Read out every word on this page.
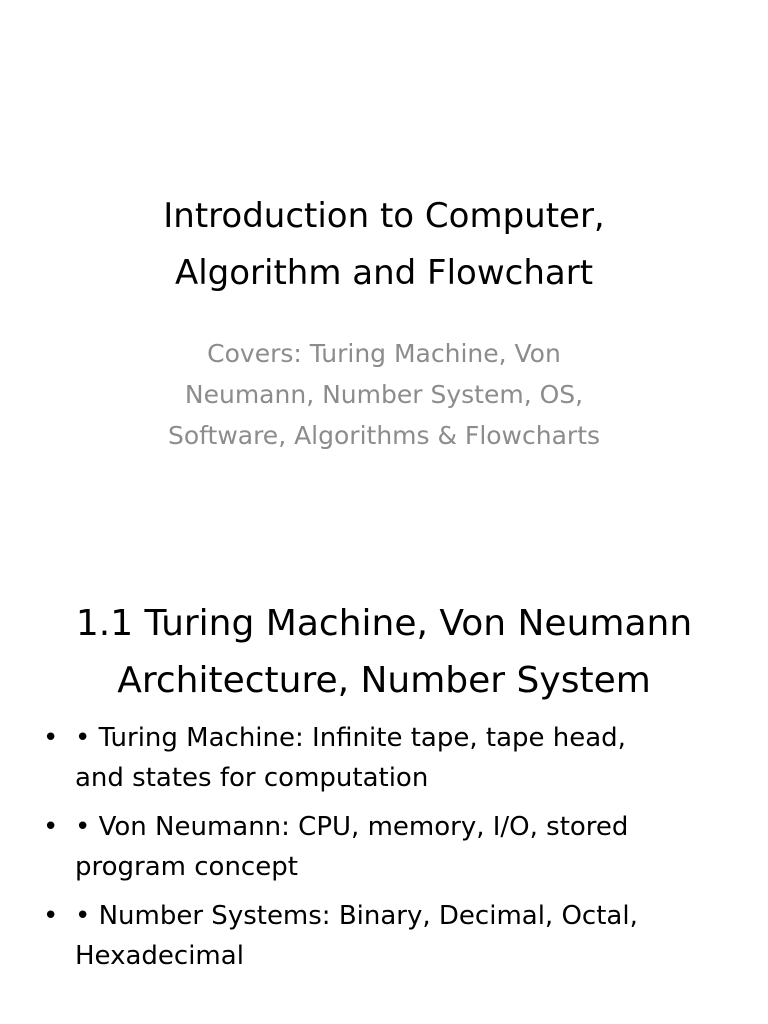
Introduction to Computer,
Algorithm and Flowchart

Covers: Turing Machine, Von
Neumann, Number System, OS,
Software, Algorithms & Flowcharts

1.1 Turing Machine, Von Neumann
Architecture, Number System
• • Turing Machine: Infinite tape, tape head,
and states for computation
• • Von Neumann: CPU, memory, I/O, stored
program concept
• • Number Systems: Binary, Decimal, Octal,
Hexadecimal
